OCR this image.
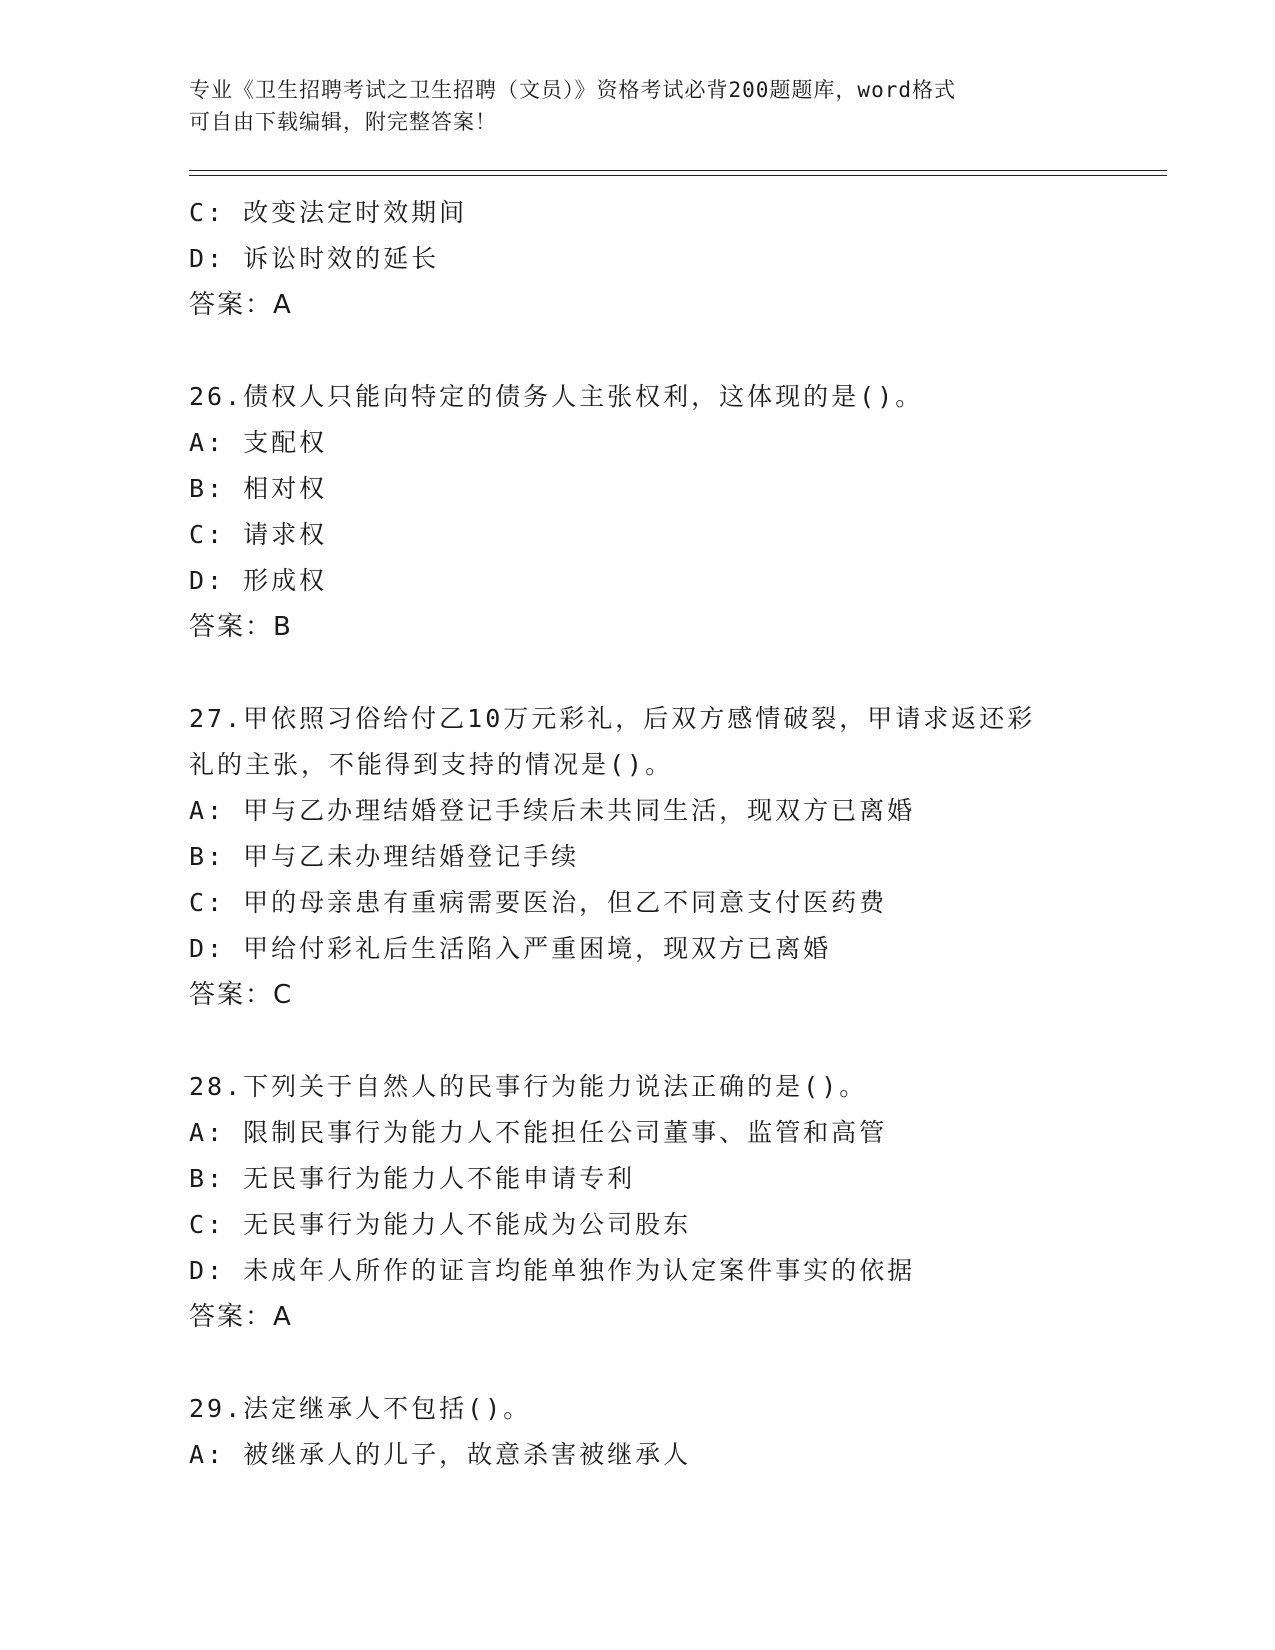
专业《卫生招聘考试之卫生招聘（文员）》资格考试必背200题题库，word格式
可自由下载编辑，附完整答案！
C: 改变法定时效期间
D: 诉讼时效的延长
答案：A
26.债权人只能向特定的债务人主张权利，这体现的是()。
A: 支配权
B: 相对权
C: 请求权
D: 形成权
答案：B
27.甲依照习俗给付乙10万元彩礼，后双方感情破裂，甲请求返还彩
礼的主张，不能得到支持的情况是()。
A: 甲与乙办理结婚登记手续后未共同生活，现双方已离婚
B: 甲与乙未办理结婚登记手续
C: 甲的母亲患有重病需要医治，但乙不同意支付医药费
D: 甲给付彩礼后生活陷入严重困境，现双方已离婚
答案：C
28.下列关于自然人的民事行为能力说法正确的是()。
A: 限制民事行为能力人不能担任公司董事、监管和高管
B: 无民事行为能力人不能申请专利
C: 无民事行为能力人不能成为公司股东
D: 未成年人所作的证言均能单独作为认定案件事实的依据
答案：A
29.法定继承人不包括()。
A: 被继承人的儿子，故意杀害被继承人
